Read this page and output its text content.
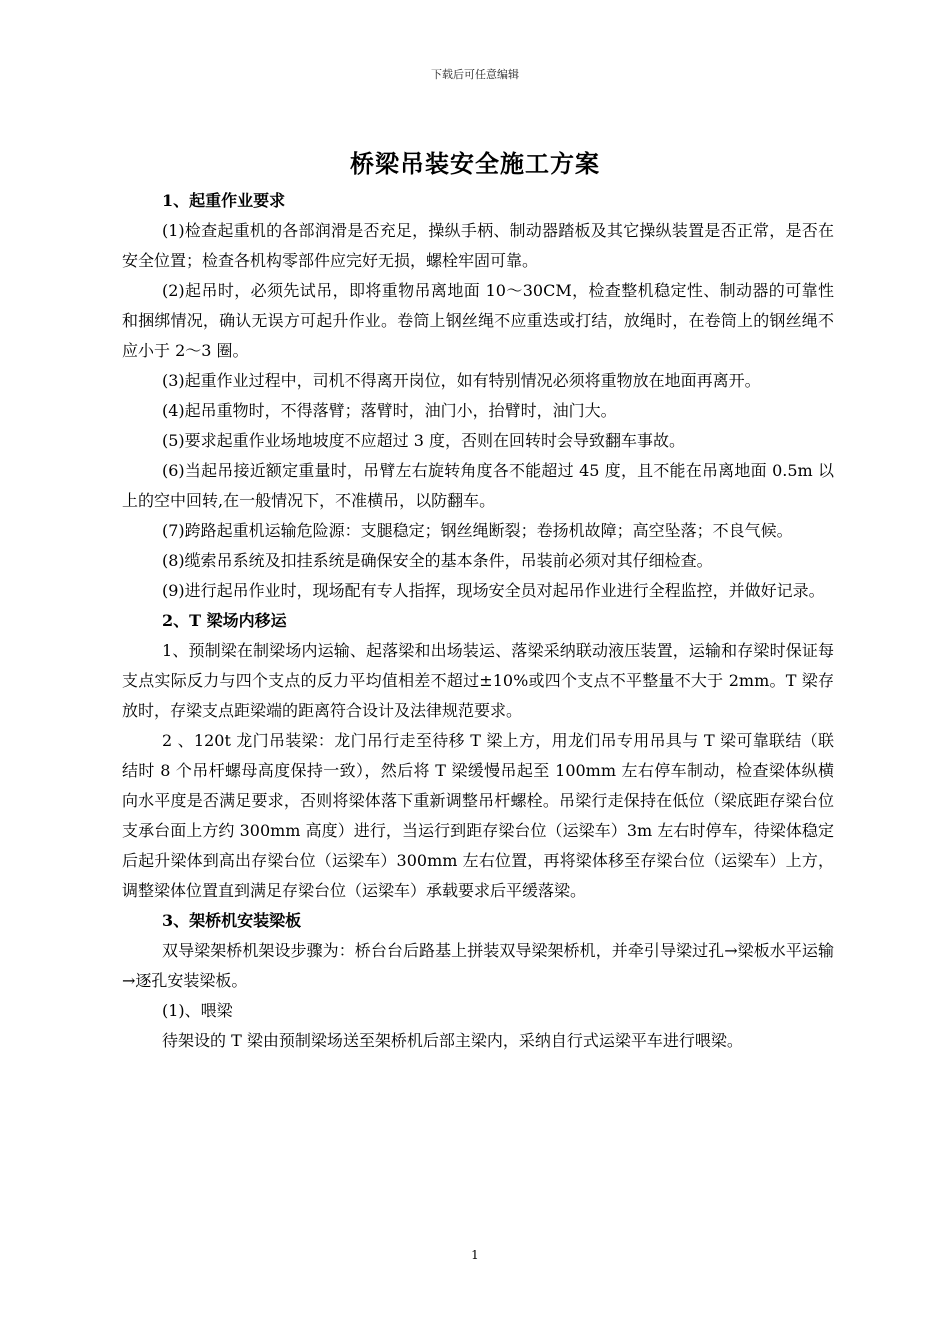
下载后可任意编辑
桥梁吊装安全施工方案
1、起重作业要求

(1)检查起重机的各部润滑是否充足，操纵手柄、制动器踏板及其它操纵装置是否正常，是否在安全位置；检查各机构零部件应完好无损，螺栓牢固可靠。

(2)起吊时，必须先试吊，即将重物吊离地面 10～30CM，检查整机稳定性、制动器的可靠性和捆绑情况，确认无误方可起升作业。卷筒上钢丝绳不应重迭或打结，放绳时，在卷筒上的钢丝绳不应小于 2～3 圈。

(3)起重作业过程中，司机不得离开岗位，如有特别情况必须将重物放在地面再离开。

(4)起吊重物时，不得落臂；落臂时，油门小，抬臂时，油门大。

(5)要求起重作业场地坡度不应超过 3 度，否则在回转时会导致翻车事故。

(6)当起吊接近额定重量时，吊臂左右旋转角度各不能超过 45 度，且不能在吊离地面 0.5m 以上的空中回转,在一般情况下，不准横吊，以防翻车。

(7)跨路起重机运输危险源：支腿稳定；钢丝绳断裂；卷扬机故障；高空坠落；不良气候。

(8)缆索吊系统及扣挂系统是确保安全的基本条件，吊装前必须对其仔细检查。

(9)进行起吊作业时，现场配有专人指挥，现场安全员对起吊作业进行全程监控，并做好记录。

2、T 梁场内移运

1、预制梁在制梁场内运输、起落梁和出场装运、落梁采纳联动液压装置，运输和存梁时保证每支点实际反力与四个支点的反力平均值相差不超过±10%或四个支点不平整量不大于 2mm。T 梁存放时，存梁支点距梁端的距离符合设计及法律规范要求。

2 、120t 龙门吊装梁：龙门吊行走至待移 T 梁上方，用龙们吊专用吊具与 T 梁可靠联结（联结时 8 个吊杆螺母高度保持一致），然后将 T 梁缓慢吊起至 100mm 左右停车制动，检查梁体纵横向水平度是否满足要求，否则将梁体落下重新调整吊杆螺栓。吊梁行走保持在低位（梁底距存梁台位支承台面上方约 300mm 高度）进行，当运行到距存梁台位（运梁车）3m 左右时停车，待梁体稳定后起升梁体到高出存梁台位（运梁车）300mm 左右位置，再将梁体移至存梁台位（运梁车）上方，调整梁体位置直到满足存梁台位（运梁车）承载要求后平缓落梁。

3、架桥机安装梁板

双导梁架桥机架设步骤为：桥台台后路基上拼装双导梁架桥机，并牵引导梁过孔→梁板水平运输→逐孔安装梁板。

(1)、喂梁

待架设的 T 梁由预制梁场送至架桥机后部主梁内，采纳自行式运梁平车进行喂梁。

1
